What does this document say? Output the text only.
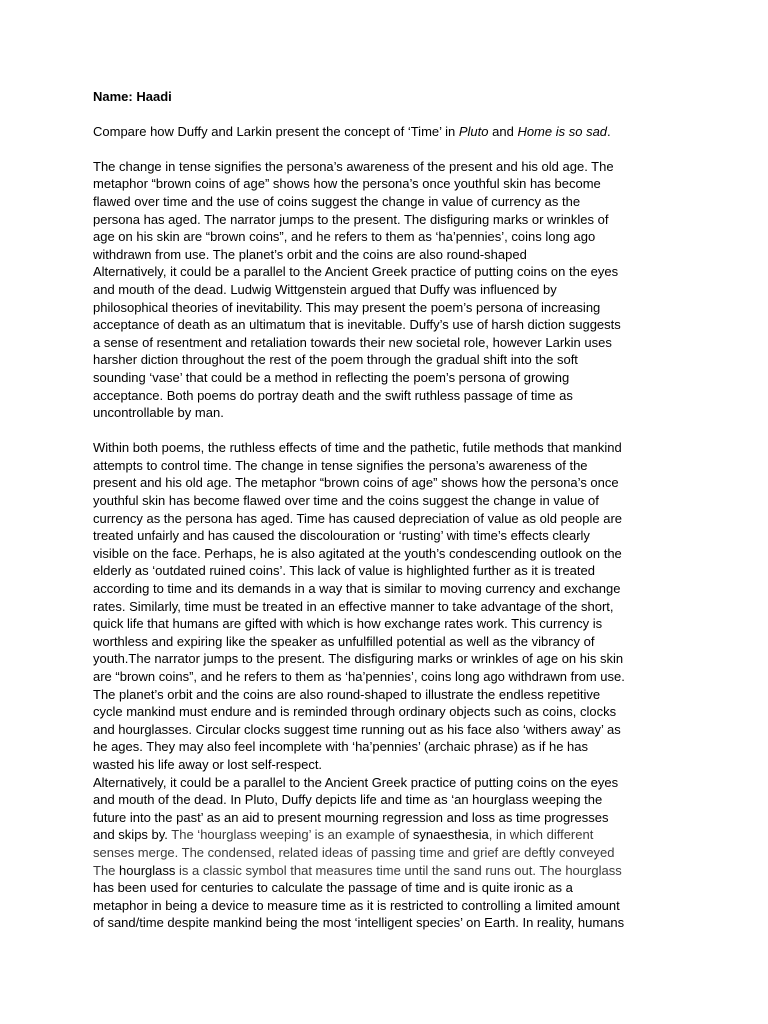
Name: Haadi

Compare how Duffy and Larkin present the concept of ‘Time’ in Pluto and Home is so sad.

The change in tense signifies the persona’s awareness of the present and his old age. The
metaphor “brown coins of age” shows how the persona’s once youthful skin has become
flawed over time and the use of coins suggest the change in value of currency as the
persona has aged. The narrator jumps to the present. The disfiguring marks or wrinkles of
age on his skin are “brown coins”, and he refers to them as ‘ha’pennies’, coins long ago
withdrawn from use. The planet’s orbit and the coins are also round-shaped
Alternatively, it could be a parallel to the Ancient Greek practice of putting coins on the eyes
and mouth of the dead. Ludwig Wittgenstein argued that Duffy was influenced by
philosophical theories of inevitability. This may present the poem’s persona of increasing
acceptance of death as an ultimatum that is inevitable. Duffy’s use of harsh diction suggests
a sense of resentment and retaliation towards their new societal role, however Larkin uses
harsher diction throughout the rest of the poem through the gradual shift into the soft
sounding ‘vase’ that could be a method in reflecting the poem’s persona of growing
acceptance. Both poems do portray death and the swift ruthless passage of time as
uncontrollable by man.
Within both poems, the ruthless effects of time and the pathetic, futile methods that mankind
attempts to control time. The change in tense signifies the persona’s awareness of the
present and his old age. The metaphor “brown coins of age” shows how the persona’s once
youthful skin has become flawed over time and the coins suggest the change in value of
currency as the persona has aged. Time has caused depreciation of value as old people are
treated unfairly and has caused the discolouration or ‘rusting’ with time’s effects clearly
visible on the face. Perhaps, he is also agitated at the youth’s condescending outlook on the
elderly as ‘outdated ruined coins’. This lack of value is highlighted further as it is treated
according to time and its demands in a way that is similar to moving currency and exchange
rates. Similarly, time must be treated in an effective manner to take advantage of the short,
quick life that humans are gifted with which is how exchange rates work. This currency is
worthless and expiring like the speaker as unfulfilled potential as well as the vibrancy of
youth.The narrator jumps to the present. The disfiguring marks or wrinkles of age on his skin
are “brown coins”, and he refers to them as ‘ha’pennies’, coins long ago withdrawn from use.
The planet’s orbit and the coins are also round-shaped to illustrate the endless repetitive
cycle mankind must endure and is reminded through ordinary objects such as coins, clocks
and hourglasses. Circular clocks suggest time running out as his face also ‘withers away’ as
he ages. They may also feel incomplete with ‘ha’pennies’ (archaic phrase) as if he has
wasted his life away or lost self-respect.
Alternatively, it could be a parallel to the Ancient Greek practice of putting coins on the eyes
and mouth of the dead. In Pluto, Duffy depicts life and time as ‘an hourglass weeping the
future into the past’ as an aid to present mourning regression and loss as time progresses
and skips by. The ‘hourglass weeping’ is an example of synaesthesia, in which different
senses merge. The condensed, related ideas of passing time and grief are deftly conveyed
The hourglass is a classic symbol that measures time until the sand runs out. The hourglass
has been used for centuries to calculate the passage of time and is quite ironic as a
metaphor in being a device to measure time as it is restricted to controlling a limited amount
of sand/time despite mankind being the most ‘intelligent species’ on Earth. In reality, humans
